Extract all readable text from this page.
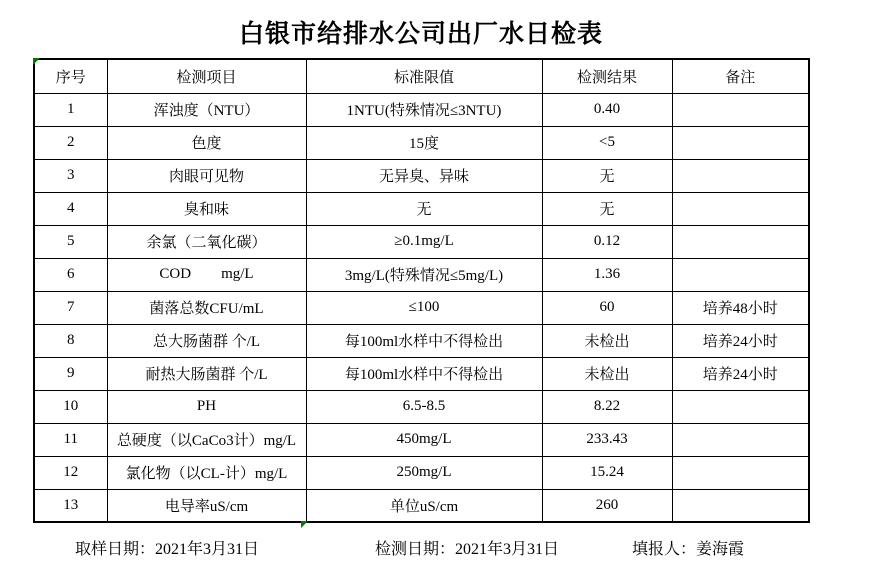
白银市给排水公司出厂水日检表
序号	检测项目	标准限值	检测结果	备注
1	浑浊度（NTU）	1NTU(特殊情况≤3NTU)	0.40	
2	色度	15度	<5	
3	肉眼可见物	无异臭、异味	无	
4	臭和味	无	无	
5	余氯（二氧化碳）	≥0.1mg/L	0.12	
6	COD        mg/L	3mg/L(特殊情况≤5mg/L)	1.36	
7	菌落总数CFU/mL	≤100	60	培养48小时
8	总大肠菌群 个/L	每100ml水样中不得检出	未检出	培养24小时
9	耐热大肠菌群 个/L	每100ml水样中不得检出	未检出	培养24小时
10	PH	6.5-8.5	8.22	
11	总硬度（以CaCo3计）mg/L	450mg/L	233.43	
12	氯化物（以CL-计）mg/L	250mg/L	15.24	
13	电导率uS/cm	单位uS/cm	260	
取样日期：2021年3月31日	检测日期：2021年3月31日	填报人：姜海霞
